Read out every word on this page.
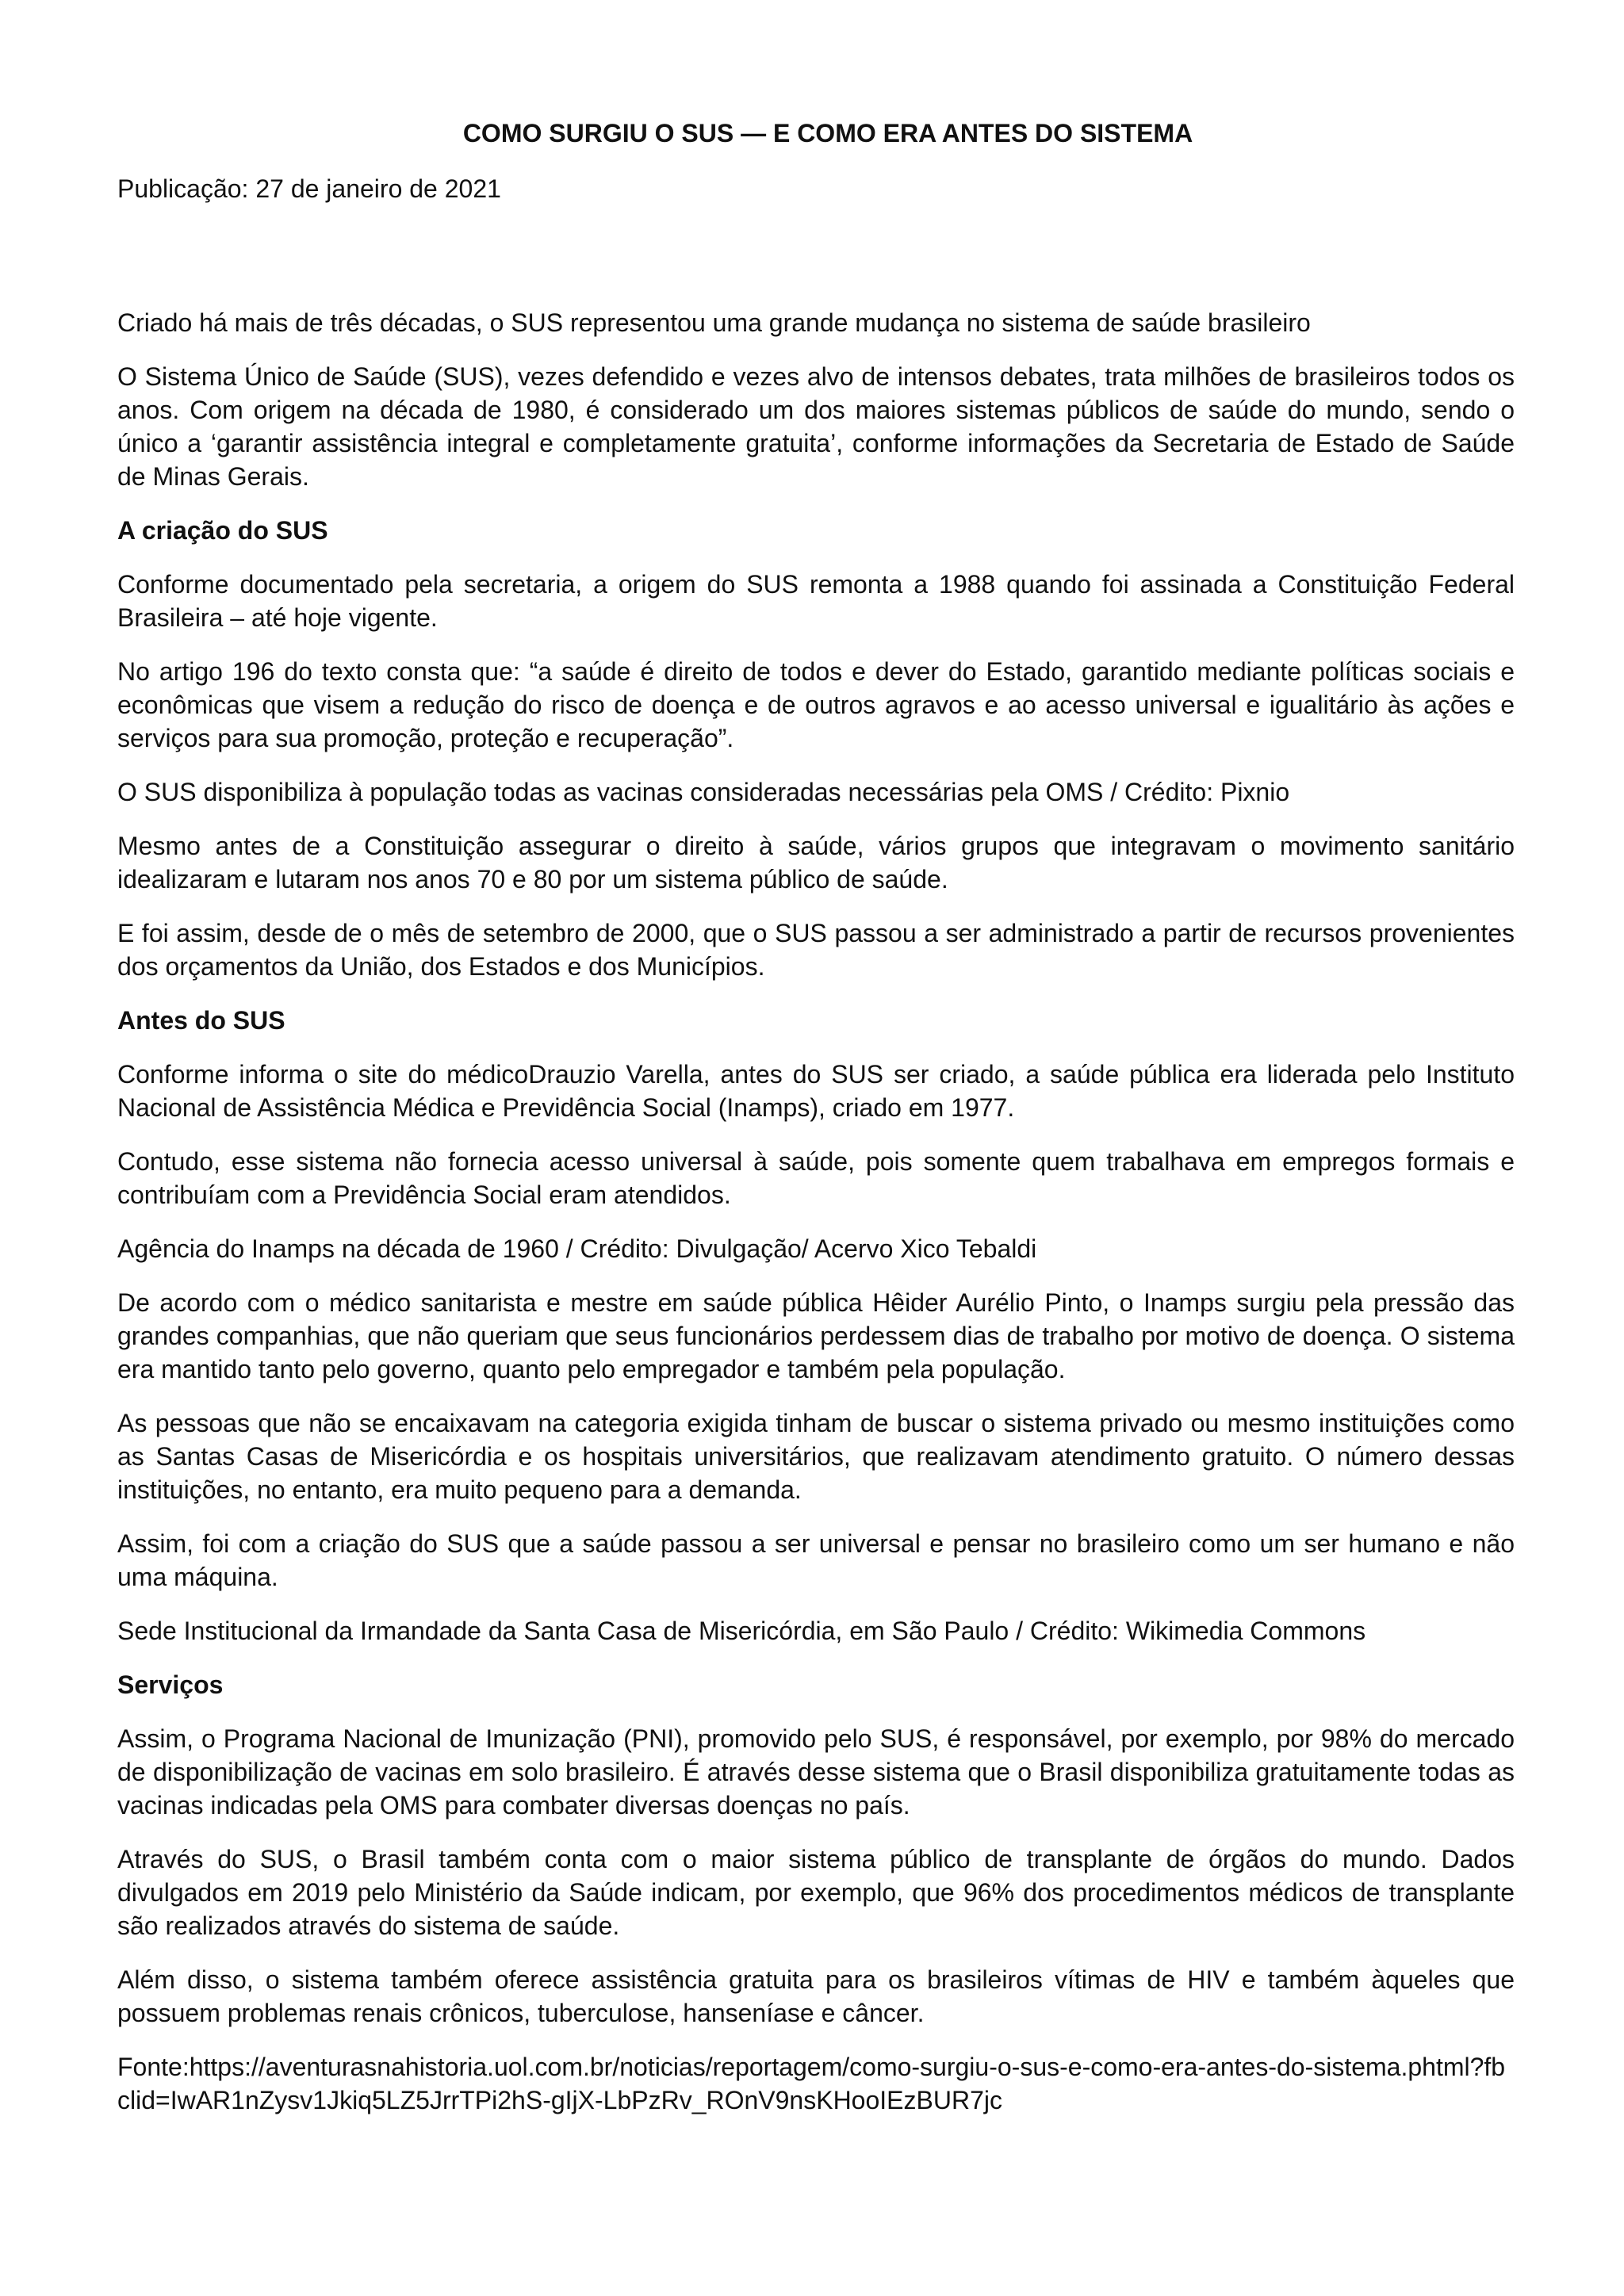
COMO SURGIU O SUS — E COMO ERA ANTES DO SISTEMA

Publicação: 27 de janeiro de 2021

Criado há mais de três décadas, o SUS representou uma grande mudança no sistema de saúde brasileiro

O Sistema Único de Saúde (SUS), vezes defendido e vezes alvo de intensos debates, trata milhões de brasileiros todos os anos. Com origem na década de 1980, é considerado um dos maiores sistemas públicos de saúde do mundo, sendo o único a ‘garantir assistência integral e completamente gratuita’, conforme informações da Secretaria de Estado de Saúde de Minas Gerais.

A criação do SUS

Conforme documentado pela secretaria, a origem do SUS remonta a 1988 quando foi assinada a Constituição Federal Brasileira – até hoje vigente.

No artigo 196 do texto consta que: “a saúde é direito de todos e dever do Estado, garantido mediante políticas sociais e econômicas que visem a redução do risco de doença e de outros agravos e ao acesso universal e igualitário às ações e serviços para sua promoção, proteção e recuperação”.

O SUS disponibiliza à população todas as vacinas consideradas necessárias pela OMS / Crédito: Pixnio

Mesmo antes de a Constituição assegurar o direito à saúde, vários grupos que integravam o movimento sanitário idealizaram e lutaram nos anos 70 e 80 por um sistema público de saúde.

E foi assim, desde de o mês de setembro de 2000, que o SUS passou a ser administrado a partir de recursos provenientes dos orçamentos da União, dos Estados e dos Municípios.

Antes do SUS

Conforme informa o site do médicoDrauzio Varella, antes do SUS ser criado, a saúde pública era liderada pelo Instituto Nacional de Assistência Médica e Previdência Social (Inamps), criado em 1977.

Contudo, esse sistema não fornecia acesso universal à saúde, pois somente quem trabalhava em empregos formais e contribuíam com a Previdência Social eram atendidos.

Agência do Inamps na década de 1960 / Crédito: Divulgação/ Acervo Xico Tebaldi

De acordo com o médico sanitarista e mestre em saúde pública Hêider Aurélio Pinto, o Inamps surgiu pela pressão das grandes companhias, que não queriam que seus funcionários perdessem dias de trabalho por motivo de doença. O sistema era mantido tanto pelo governo, quanto pelo empregador e também pela população.

As pessoas que não se encaixavam na categoria exigida tinham de buscar o sistema privado ou mesmo instituições como as Santas Casas de Misericórdia e os hospitais universitários, que realizavam atendimento gratuito. O número dessas instituições, no entanto, era muito pequeno para a demanda.

Assim, foi com a criação do SUS que a saúde passou a ser universal e pensar no brasileiro como um ser humano e não uma máquina.

Sede Institucional da Irmandade da Santa Casa de Misericórdia, em São Paulo / Crédito: Wikimedia Commons

Serviços

Assim, o Programa Nacional de Imunização (PNI), promovido pelo SUS, é responsável, por exemplo, por 98% do mercado de disponibilização de vacinas em solo brasileiro. É através desse sistema que o Brasil disponibiliza gratuitamente todas as vacinas indicadas pela OMS para combater diversas doenças no país.

Através do SUS, o Brasil também conta com o maior sistema público de transplante de órgãos do mundo. Dados divulgados em 2019 pelo Ministério da Saúde indicam, por exemplo, que 96% dos procedimentos médicos de transplante são realizados através do sistema de saúde.

Além disso, o sistema também oferece assistência gratuita para os brasileiros vítimas de HIV e também àqueles que possuem problemas renais crônicos, tuberculose, hanseníase e câncer.

Fonte:https://aventurasnahistoria.uol.com.br/noticias/reportagem/como-surgiu-o-sus-e-como-era-antes-do-sistema.phtml?fbclid=IwAR1nZysv1Jkiq5LZ5JrrTPi2hS-gIjX-LbPzRv_ROnV9nsKHooIEzBUR7jc
